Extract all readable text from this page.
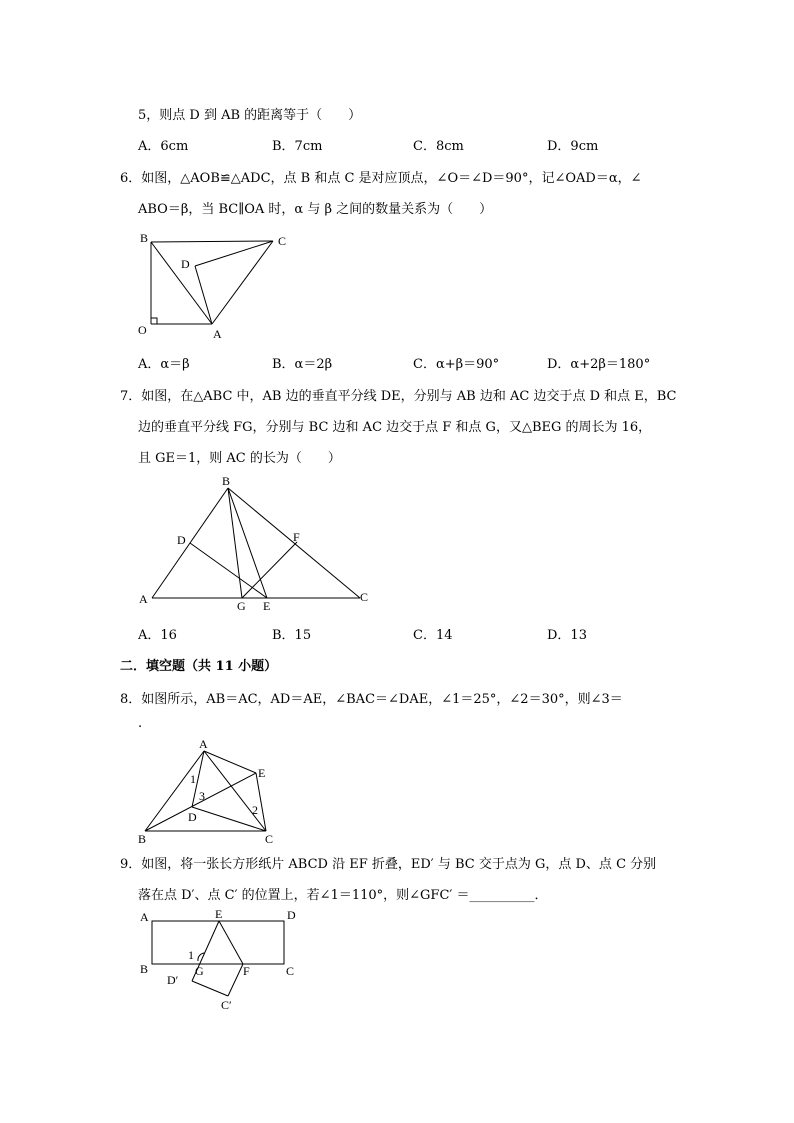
5，则点 D 到 AB 的距离等于（　　）
A．6cm	B．7cm	C．8cm	D．9cm
6．如图，△AOB≌△ADC，点 B 和点 C 是对应顶点，∠O＝∠D＝90°，记∠OAD＝α，∠
ABO＝β，当 BC∥OA 时，α 与 β 之间的数量关系为（　　）
B	C
D
O	A
A．α＝β	B．α＝2β	C．α+β＝90°	D．α+2β＝180°
7．如图，在△ABC 中，AB 边的垂直平分线 DE，分别与 AB 边和 AC 边交于点 D 和点 E，BC
边的垂直平分线 FG，分别与 BC 边和 AC 边交于点 F 和点 G，又△BEG 的周长为 16，
且 GE＝1，则 AC 的长为（　　）
B
D	F
A	G E
C
A．16	B．15	C．14	D．13
二．填空题（共 11 小题）
8．如图所示，AB＝AC，AD＝AE，∠BAC＝∠DAE，∠1＝25°，∠2＝30°，则∠3＝
.
A
E
1
3
D	2
B	C
9．如图，将一张长方形纸片 ABCD 沿 EF 折叠，ED′ 与 BC 交于点为 G，点 D、点 C 分别
落在点 D′、点 C′ 的位置上，若∠1＝110°，则∠GFC′ ＝__________．
A	E	D
1
B
D′
G	F	C
C′
